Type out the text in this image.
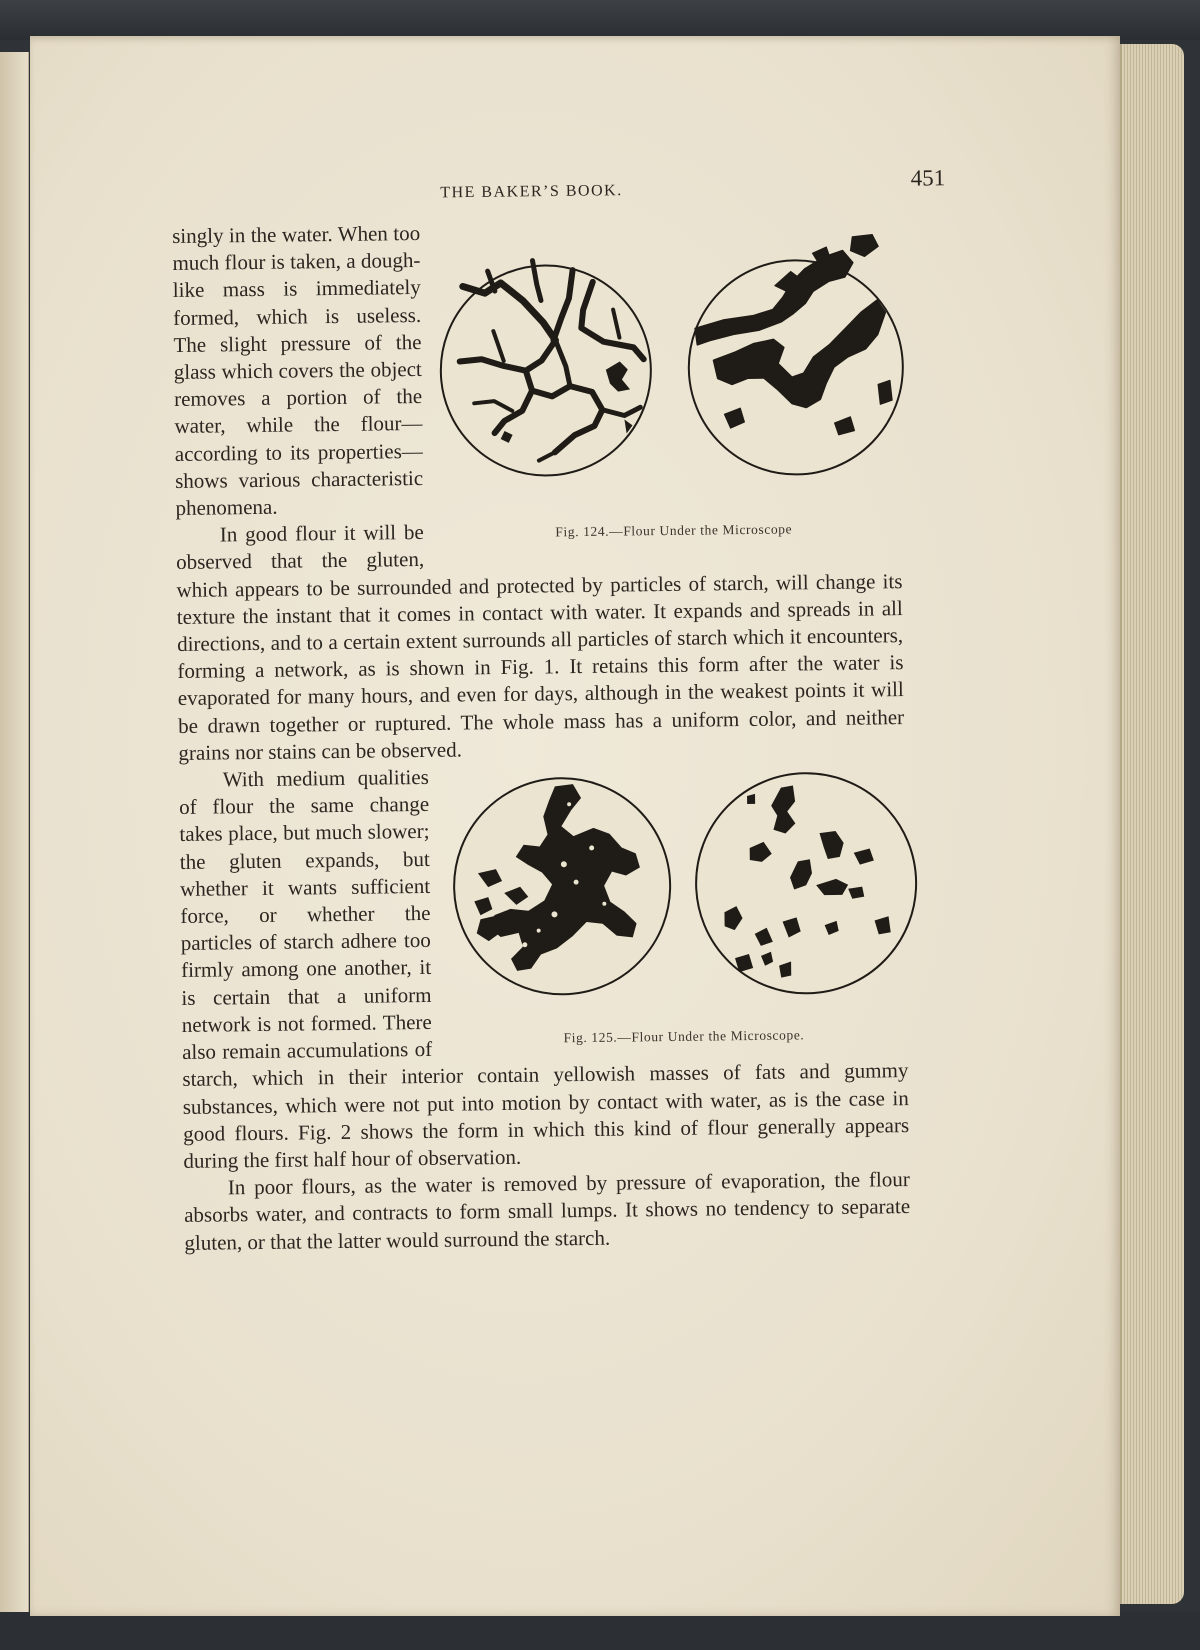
THE BAKER’S BOOK.
451
Fig. 124.—Flour Under the Microscope

singly in the water. When too much flour is taken, a dough-like mass is immediately formed, which is useless. The slight pressure of the glass which covers the object removes a portion of the water, while the flour—according to its properties—shows various characteristic phenomena.

In good flour it will be observed that the gluten, which appears to be surrounded and protected by particles of starch, will change its texture the instant that it comes in contact with water. It expands and spreads in all directions, and to a certain extent surrounds all particles of starch which it encounters, forming a network, as is shown in Fig. 1. It retains this form after the water is evaporated for many hours, and even for days, although in the weakest points it will be drawn together or ruptured. The whole mass has a uniform color, and neither grains nor stains can be observed.

Fig. 125.—Flour Under the Microscope.

With medium qualities of flour the same change takes place, but much slower; the gluten expands, but whether it wants sufficient force, or whether the particles of starch adhere too firmly among one another, it is certain that a uniform network is not formed. There also remain accumulations of starch, which in their interior contain yellowish masses of fats and gummy substances, which were not put into motion by contact with water, as is the case in good flours. Fig. 2 shows the form in which this kind of flour generally appears during the first half hour of observation.

In poor flours, as the water is removed by pressure of evaporation, the flour absorbs water, and contracts to form small lumps. It shows no tendency to separate gluten, or that the latter would surround the starch.
